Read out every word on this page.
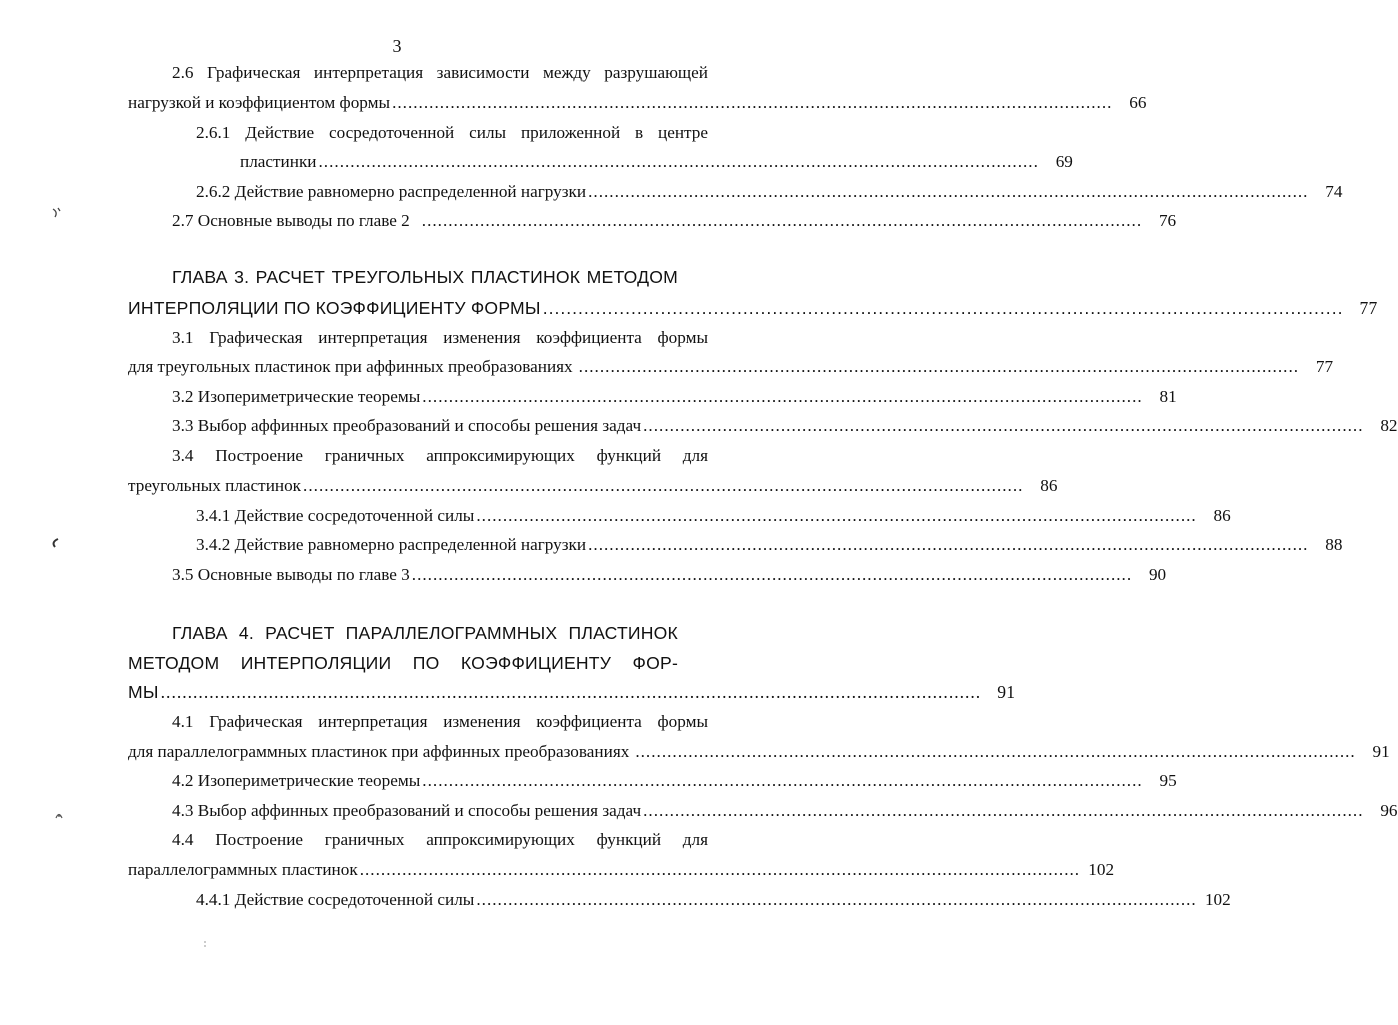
3
2.6 Графическая интерпретация зависимости между разрушающей
нагрузкой и коэффициентом формы ........................................................................................................................................ 66
2.6.1 Действие сосредоточенной силы приложенной в центре
пластинки ........................................................................................................................................ 69
2.6.2 Действие равномерно распределенной нагрузки ........................................................................................................................................ 74
2.7 Основные выводы по главе 2 ........................................................................................................................................ 76
ГЛАВА 3. РАСЧЕТ ТРЕУГОЛЬНЫХ ПЛАСТИНОК МЕТОДОМ
ИНТЕРПОЛЯЦИИ ПО КОЭФФИЦИЕНТУ ФОРМЫ ........................................................................................................................................ 77
3.1 Графическая интерпретация изменения коэффициента формы
для треугольных пластинок при аффинных преобразованиях ........................................................................................................................................ 77
3.2 Изопериметрические теоремы ........................................................................................................................................ 81
3.3 Выбор аффинных преобразований и способы решения задач ........................................................................................................................................ 82
3.4 Построение граничных аппроксимирующих функций для
треугольных пластинок ........................................................................................................................................ 86
3.4.1 Действие сосредоточенной силы ........................................................................................................................................ 86
3.4.2 Действие равномерно распределенной нагрузки ........................................................................................................................................ 88
3.5 Основные выводы по главе 3 ........................................................................................................................................ 90
ГЛАВА 4. РАСЧЕТ ПАРАЛЛЕЛОГРАММНЫХ ПЛАСТИНОК
МЕТОДОМ ИНТЕРПОЛЯЦИИ ПО КОЭФФИЦИЕНТУ ФОР-
МЫ ........................................................................................................................................................ 91
4.1 Графическая интерпретация изменения коэффициента формы
для параллелограммных пластинок при аффинных преобразованиях ........................................................................................................................................ 91
4.2 Изопериметрические теоремы ........................................................................................................................................ 95
4.3 Выбор аффинных преобразований и способы решения задач ........................................................................................................................................ 96
4.4 Построение граничных аппроксимирующих функций для
параллелограммных пластинок ........................................................................................................................................ 102
4.4.1 Действие сосредоточенной силы ........................................................................................................................................ 102
